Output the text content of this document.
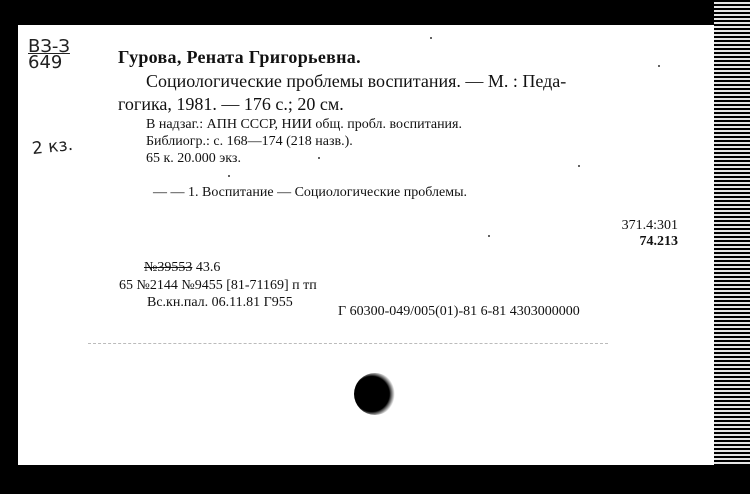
ВЗ-З
649
2 кз.
Гурова, Рената Григорьевна.
Социологические проблемы воспитания. — М. : Педа-
гогика, 1981. — 176 с.; 20 см.
В надзаг.: АПН СССР, НИИ общ. пробл. воспитания.
Библиогр.: с. 168—174 (218 назв.).
65 к. 20.000 экз.
— — 1. Воспитание — Социологические проблемы.
371.4:301
74.213
№39553 43.6
65 №2144 №9455 [81-71169] п тп
Вс.кн.пал. 06.11.81 Г955
Г 60300-049/005(01)-81 6-81 4303000000
